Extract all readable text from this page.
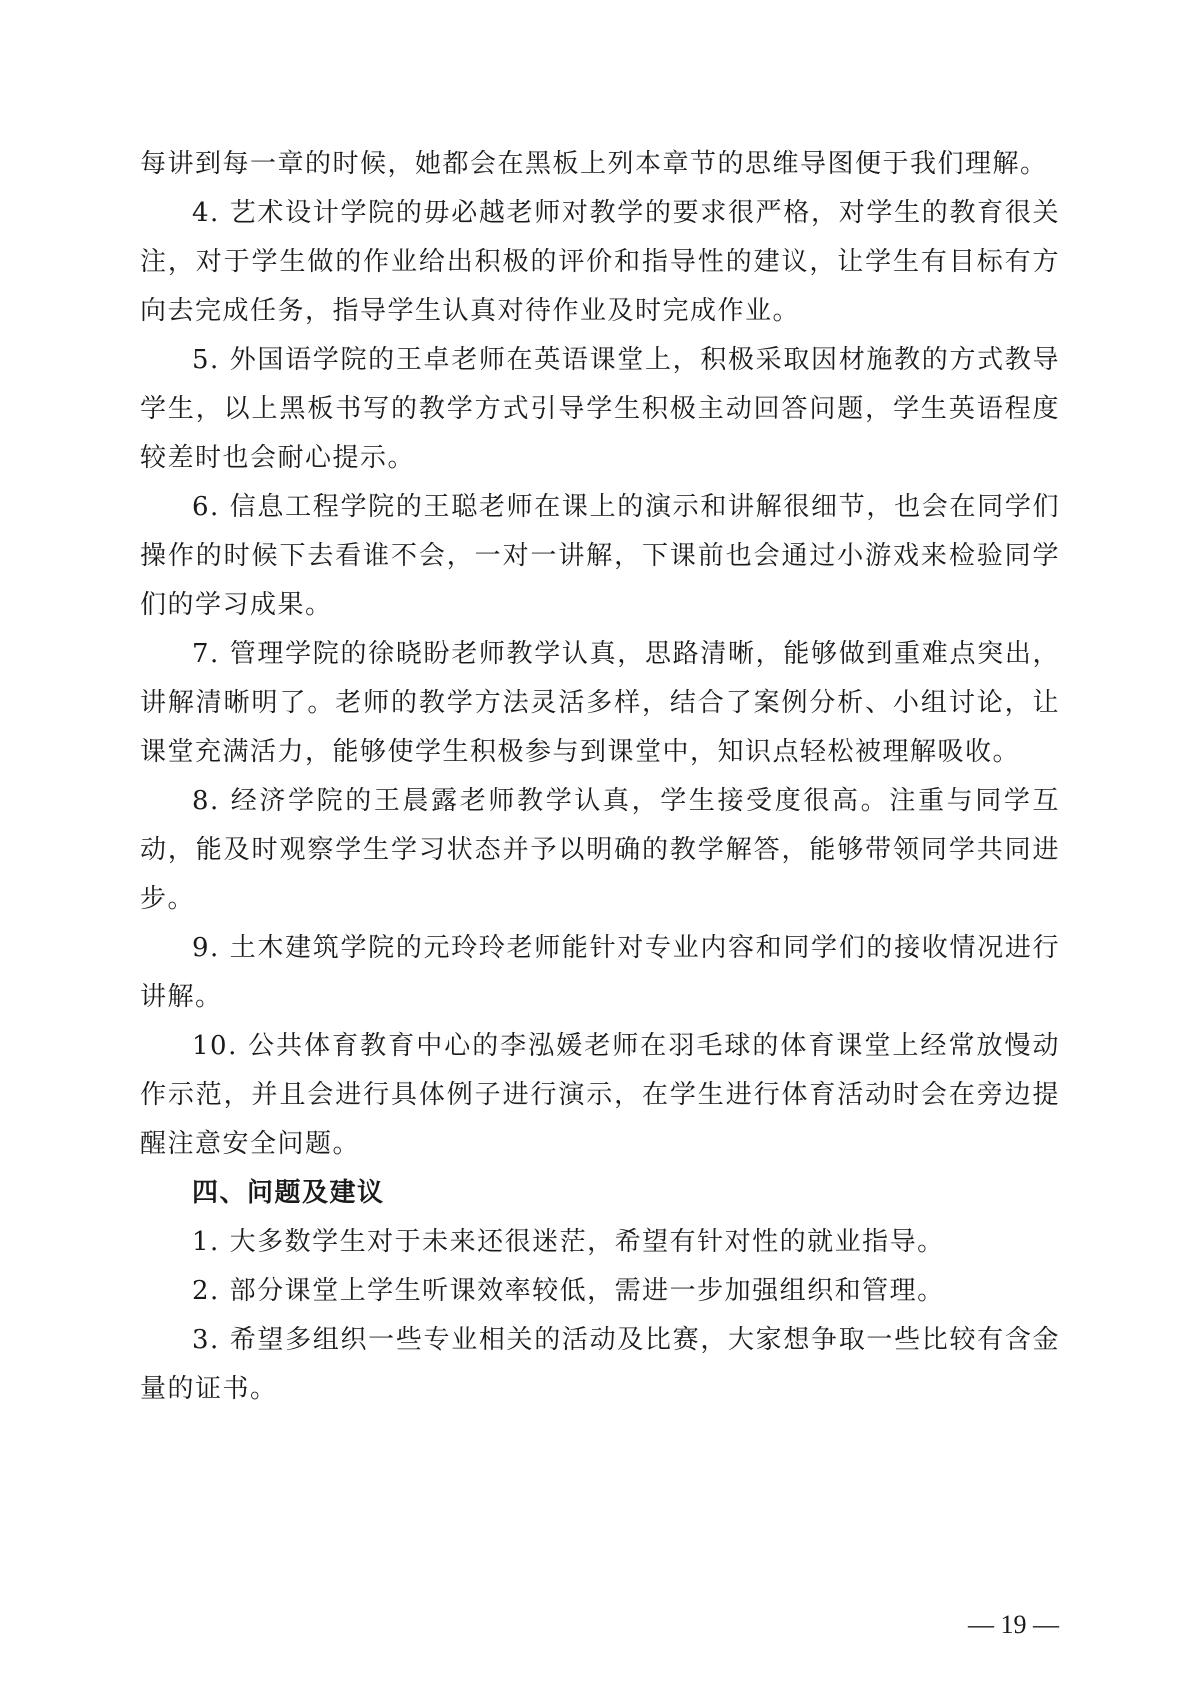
每讲到每一章的时候，她都会在黑板上列本章节的思维导图便于我们理解。

4. 艺术设计学院的毋必越老师对教学的要求很严格，对学生的教育很关注，对于学生做的作业给出积极的评价和指导性的建议，让学生有目标有方向去完成任务，指导学生认真对待作业及时完成作业。

5. 外国语学院的王卓老师在英语课堂上，积极采取因材施教的方式教导学生，以上黑板书写的教学方式引导学生积极主动回答问题，学生英语程度较差时也会耐心提示。

6. 信息工程学院的王聪老师在课上的演示和讲解很细节，也会在同学们操作的时候下去看谁不会，一对一讲解，下课前也会通过小游戏来检验同学们的学习成果。

7. 管理学院的徐晓盼老师教学认真，思路清晰，能够做到重难点突出，讲解清晰明了。老师的教学方法灵活多样，结合了案例分析、小组讨论，让课堂充满活力，能够使学生积极参与到课堂中，知识点轻松被理解吸收。

8. 经济学院的王晨露老师教学认真，学生接受度很高。注重与同学互动，能及时观察学生学习状态并予以明确的教学解答，能够带领同学共同进步。

9. 土木建筑学院的元玲玲老师能针对专业内容和同学们的接收情况进行讲解。

10. 公共体育教育中心的李泓媛老师在羽毛球的体育课堂上经常放慢动作示范，并且会进行具体例子进行演示，在学生进行体育活动时会在旁边提醒注意安全问题。

四、问题及建议

1. 大多数学生对于未来还很迷茫，希望有针对性的就业指导。

2. 部分课堂上学生听课效率较低，需进一步加强组织和管理。

3. 希望多组织一些专业相关的活动及比赛，大家想争取一些比较有含金量的证书。

— 19 —
